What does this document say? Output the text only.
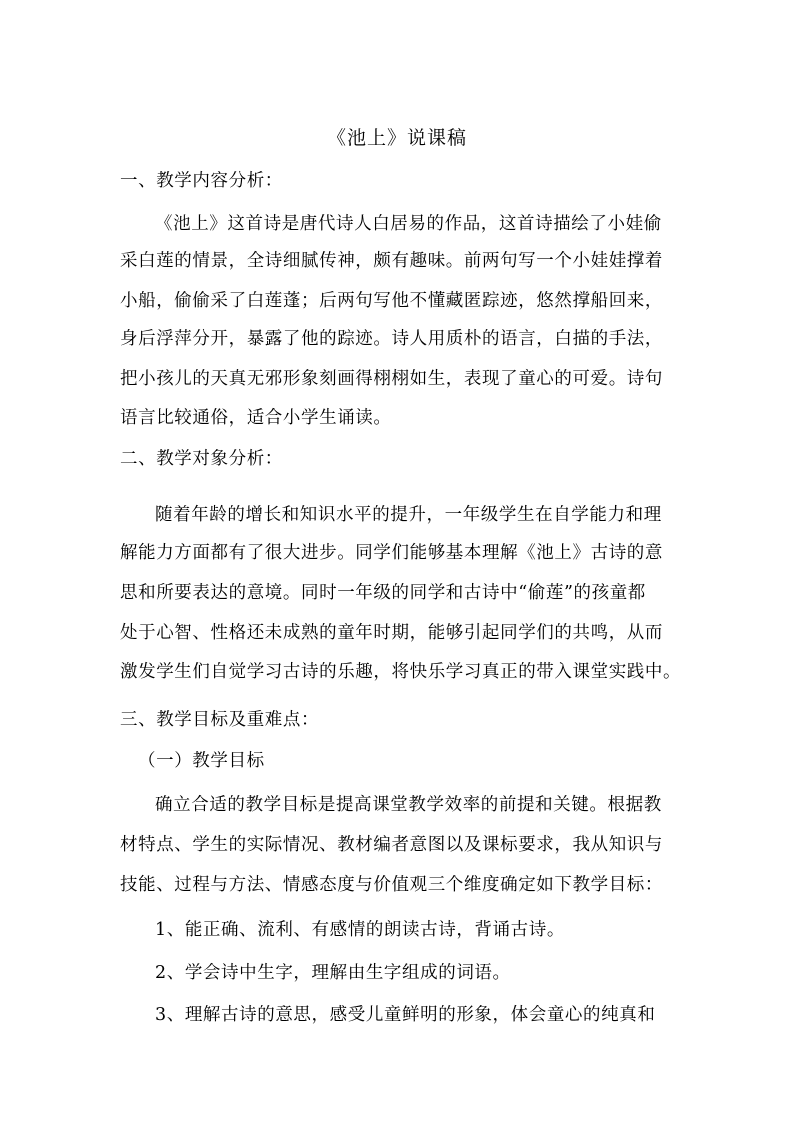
《池上》说课稿
一、教学内容分析：
《池上》这首诗是唐代诗人白居易的作品，这首诗描绘了小娃偷
采白莲的情景，全诗细腻传神，颇有趣味。前两句写一个小娃娃撑着
小船，偷偷采了白莲蓬；后两句写他不懂藏匿踪迹，悠然撑船回来，
身后浮萍分开，暴露了他的踪迹。诗人用质朴的语言，白描的手法，
把小孩儿的天真无邪形象刻画得栩栩如生，表现了童心的可爱。诗句
语言比较通俗，适合小学生诵读。
二、教学对象分析：
随着年龄的增长和知识水平的提升，一年级学生在自学能力和理
解能力方面都有了很大进步。同学们能够基本理解《池上》古诗的意
思和所要表达的意境。同时一年级的同学和古诗中“偷莲”的孩童都
处于心智、性格还未成熟的童年时期，能够引起同学们的共鸣，从而
激发学生们自觉学习古诗的乐趣，将快乐学习真正的带入课堂实践中。
三、教学目标及重难点：
（一）教学目标
确立合适的教学目标是提高课堂教学效率的前提和关键。根据教
材特点、学生的实际情况、教材编者意图以及课标要求，我从知识与
技能、过程与方法、情感态度与价值观三个维度确定如下教学目标：
1、能正确、流利、有感情的朗读古诗，背诵古诗。
2、学会诗中生字，理解由生字组成的词语。
3、理解古诗的意思，感受儿童鲜明的形象，体会童心的纯真和
